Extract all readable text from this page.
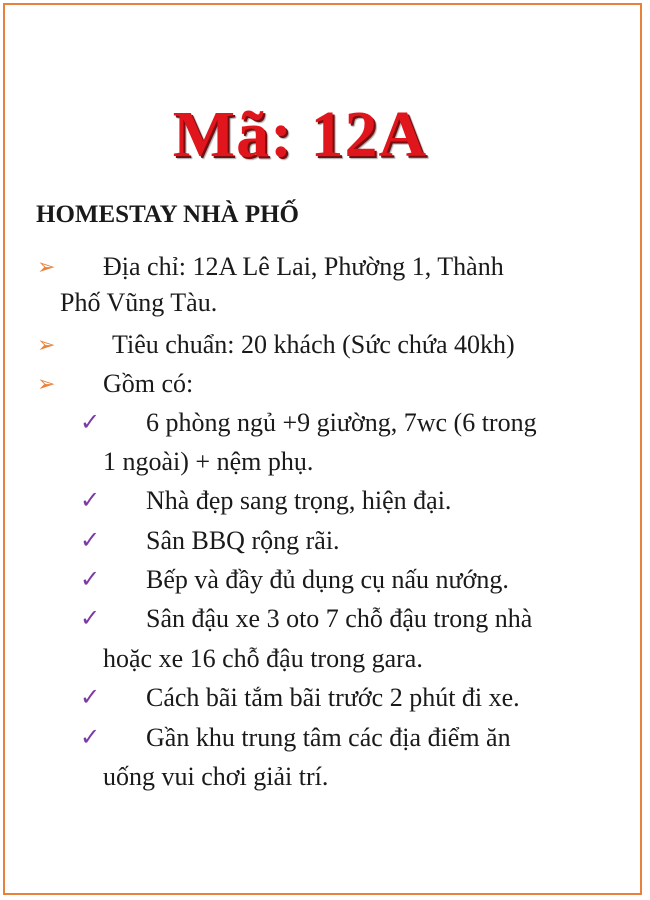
Mã: 12A
HOMESTAY NHÀ PHỐ
➢ Địa chỉ: 12A Lê Lai, Phường 1, Thành
Phố Vũng Tàu.
➢ Tiêu chuẩn: 20 khách (Sức chứa 40kh)
➢ Gồm có:
✓ 6 phòng ngủ +9 giường, 7wc (6 trong
1 ngoài) + nệm phụ.
✓ Nhà đẹp sang trọng, hiện đại.
✓ Sân BBQ rộng rãi.
✓ Bếp và đầy đủ dụng cụ nấu nướng.
✓ Sân đậu xe 3 oto 7 chỗ đậu trong nhà
hoặc xe 16 chỗ đậu trong gara.
✓ Cách bãi tắm bãi trước 2 phút đi xe.
✓ Gần khu trung tâm các địa điểm ăn
uống vui chơi giải trí.
